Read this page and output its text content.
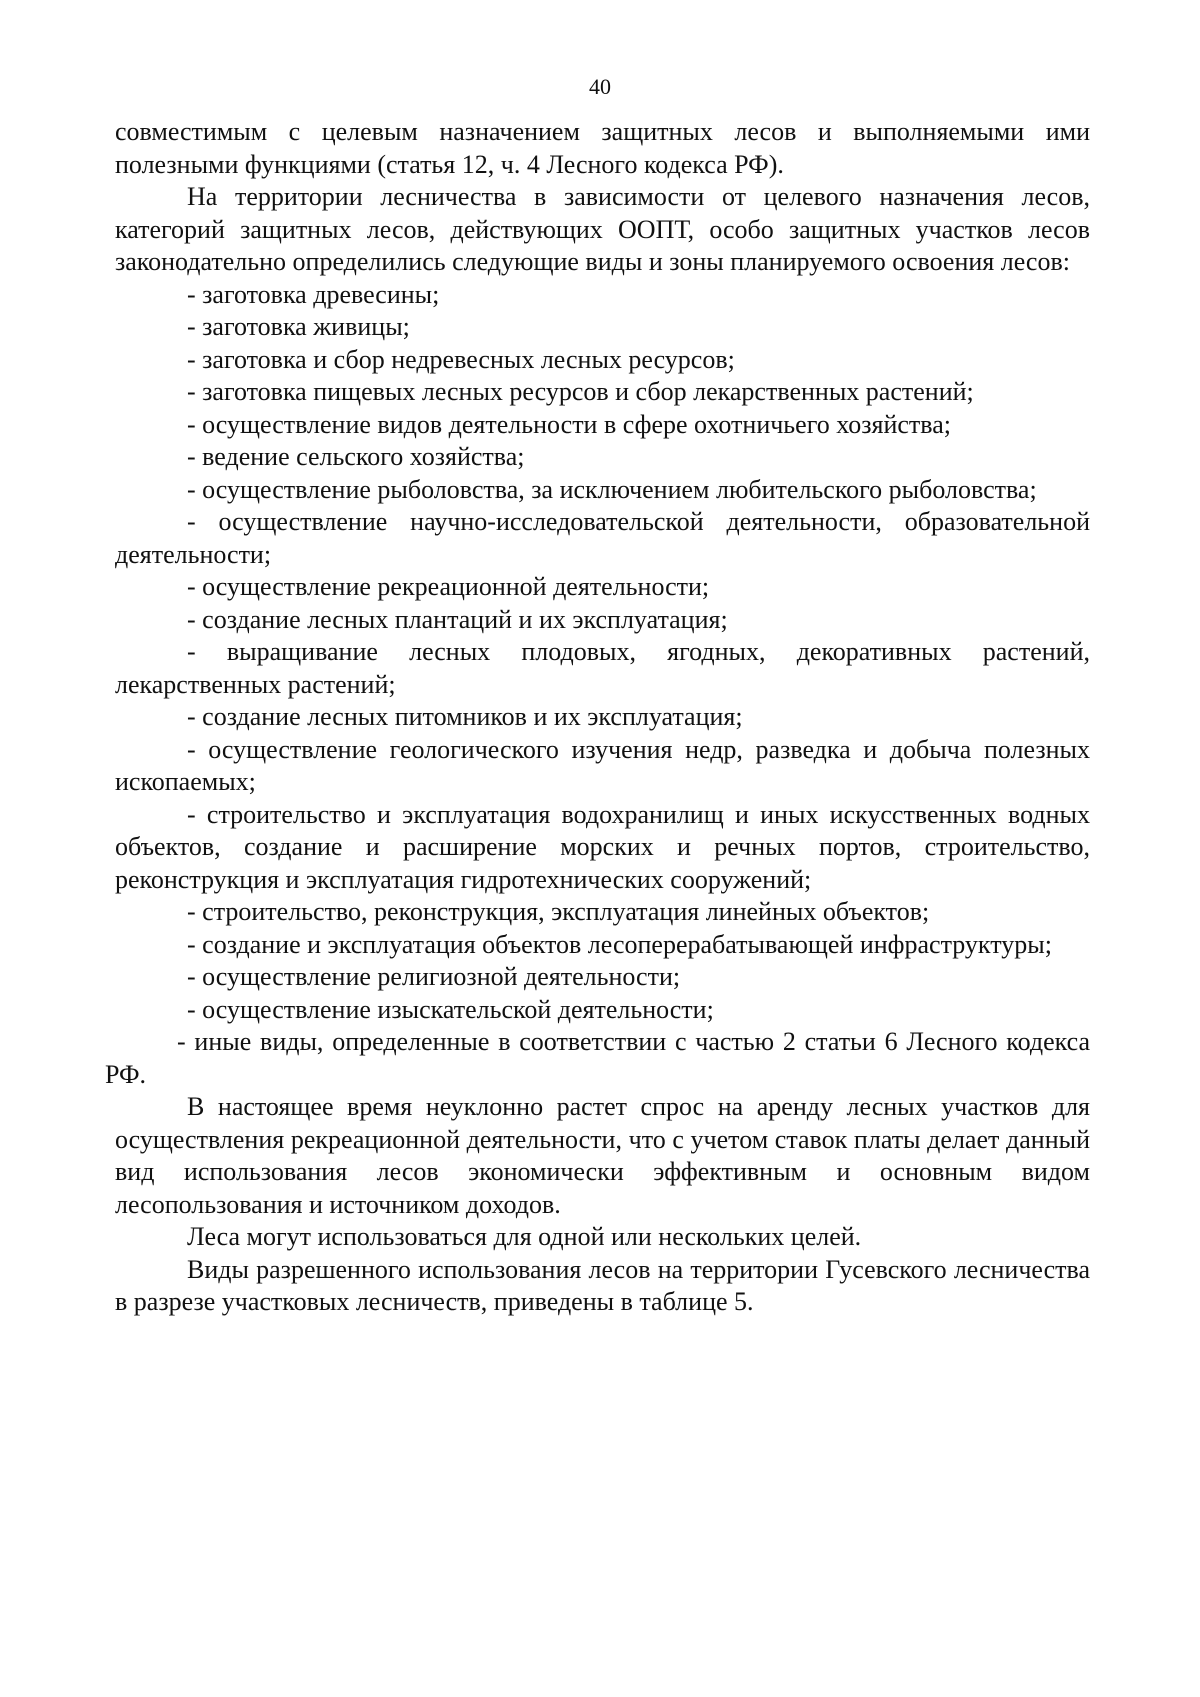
40

совместимым с целевым назначением защитных лесов и выполняемыми ими полезными функциями (статья 12, ч. 4 Лесного кодекса РФ).

На территории лесничества в зависимости от целевого назначения лесов, категорий защитных лесов, действующих ООПТ, особо защитных участков лесов законодательно определились следующие виды и зоны планируемого освоения лесов:

- заготовка древесины;

- заготовка живицы;

- заготовка и сбор недревесных лесных ресурсов;

- заготовка пищевых лесных ресурсов и сбор лекарственных растений;

- осуществление видов деятельности в сфере охотничьего хозяйства;

- ведение сельского хозяйства;

- осуществление рыболовства, за исключением любительского рыболовства;

- осуществление научно-исследовательской деятельности, образовательной деятельности;

- осуществление рекреационной деятельности;

- создание лесных плантаций и их эксплуатация;

- выращивание лесных плодовых, ягодных, декоративных растений, лекарственных растений;

- создание лесных питомников и их эксплуатация;

- осуществление геологического изучения недр, разведка и добыча полезных ископаемых;

- строительство и эксплуатация водохранилищ и иных искусственных водных объектов, создание и расширение морских и речных портов, строительство, реконструкция и эксплуатация гидротехнических сооружений;

- строительство, реконструкция, эксплуатация линейных объектов;

- создание и эксплуатация объектов лесоперерабатывающей инфраструктуры;

- осуществление религиозной деятельности;

- осуществление изыскательской деятельности;

- иные виды, определенные в соответствии с частью 2 статьи 6 Лесного кодекса РФ.

В настоящее время неуклонно растет спрос на аренду лесных участков для осуществления рекреационной деятельности, что с учетом ставок платы делает данный вид использования лесов экономически эффективным и основным видом лесопользования и источником доходов.

Леса могут использоваться для одной или нескольких целей.

Виды разрешенного использования лесов на территории Гусевского лесничества в разрезе участковых лесничеств, приведены в таблице 5.
